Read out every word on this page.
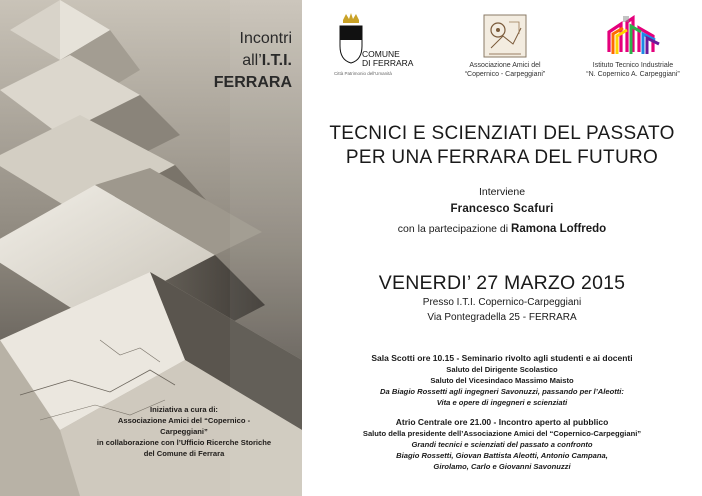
Incontri
all’I.T.I.
FERRARA
Iniziativa a cura di:
Associazione Amici del “Copernico - Carpeggiani”
in collaborazione con l’Ufficio Ricerche Storiche
del Comune di Ferrara
COMUNE
DI FERRARA
Città Patrimonio dell'Umanità
Associazione Amici del
“Copernico - Carpeggiani”
Istituto Tecnico Industriale
“N. Copernico A. Carpeggiani”
TECNICI E SCIENZIATI DEL PASSATO
PER UNA FERRARA DEL FUTURO
Interviene
Francesco Scafuri
con la partecipazione di Ramona Loffredo
VENERDI’ 27 MARZO 2015
Presso I.T.I. Copernico-Carpeggiani
Via Pontegradella 25 - FERRARA
Sala Scotti ore 10.15 - Seminario rivolto agli studenti e ai docenti
Saluto del Dirigente Scolastico
Saluto del Vicesindaco Massimo Maisto
Da Biagio Rossetti agli ingegneri Savonuzzi, passando per l’Aleotti:
Vita e opere di ingegneri e scienziati
Atrio Centrale ore 21.00 - Incontro aperto al pubblico
Saluto della presidente dell’Associazione Amici del “Copernico-Carpeggiani”
Grandi tecnici e scienziati del passato a confronto
Biagio Rossetti, Giovan Battista Aleotti, Antonio Campana,
Girolamo, Carlo e Giovanni Savonuzzi
